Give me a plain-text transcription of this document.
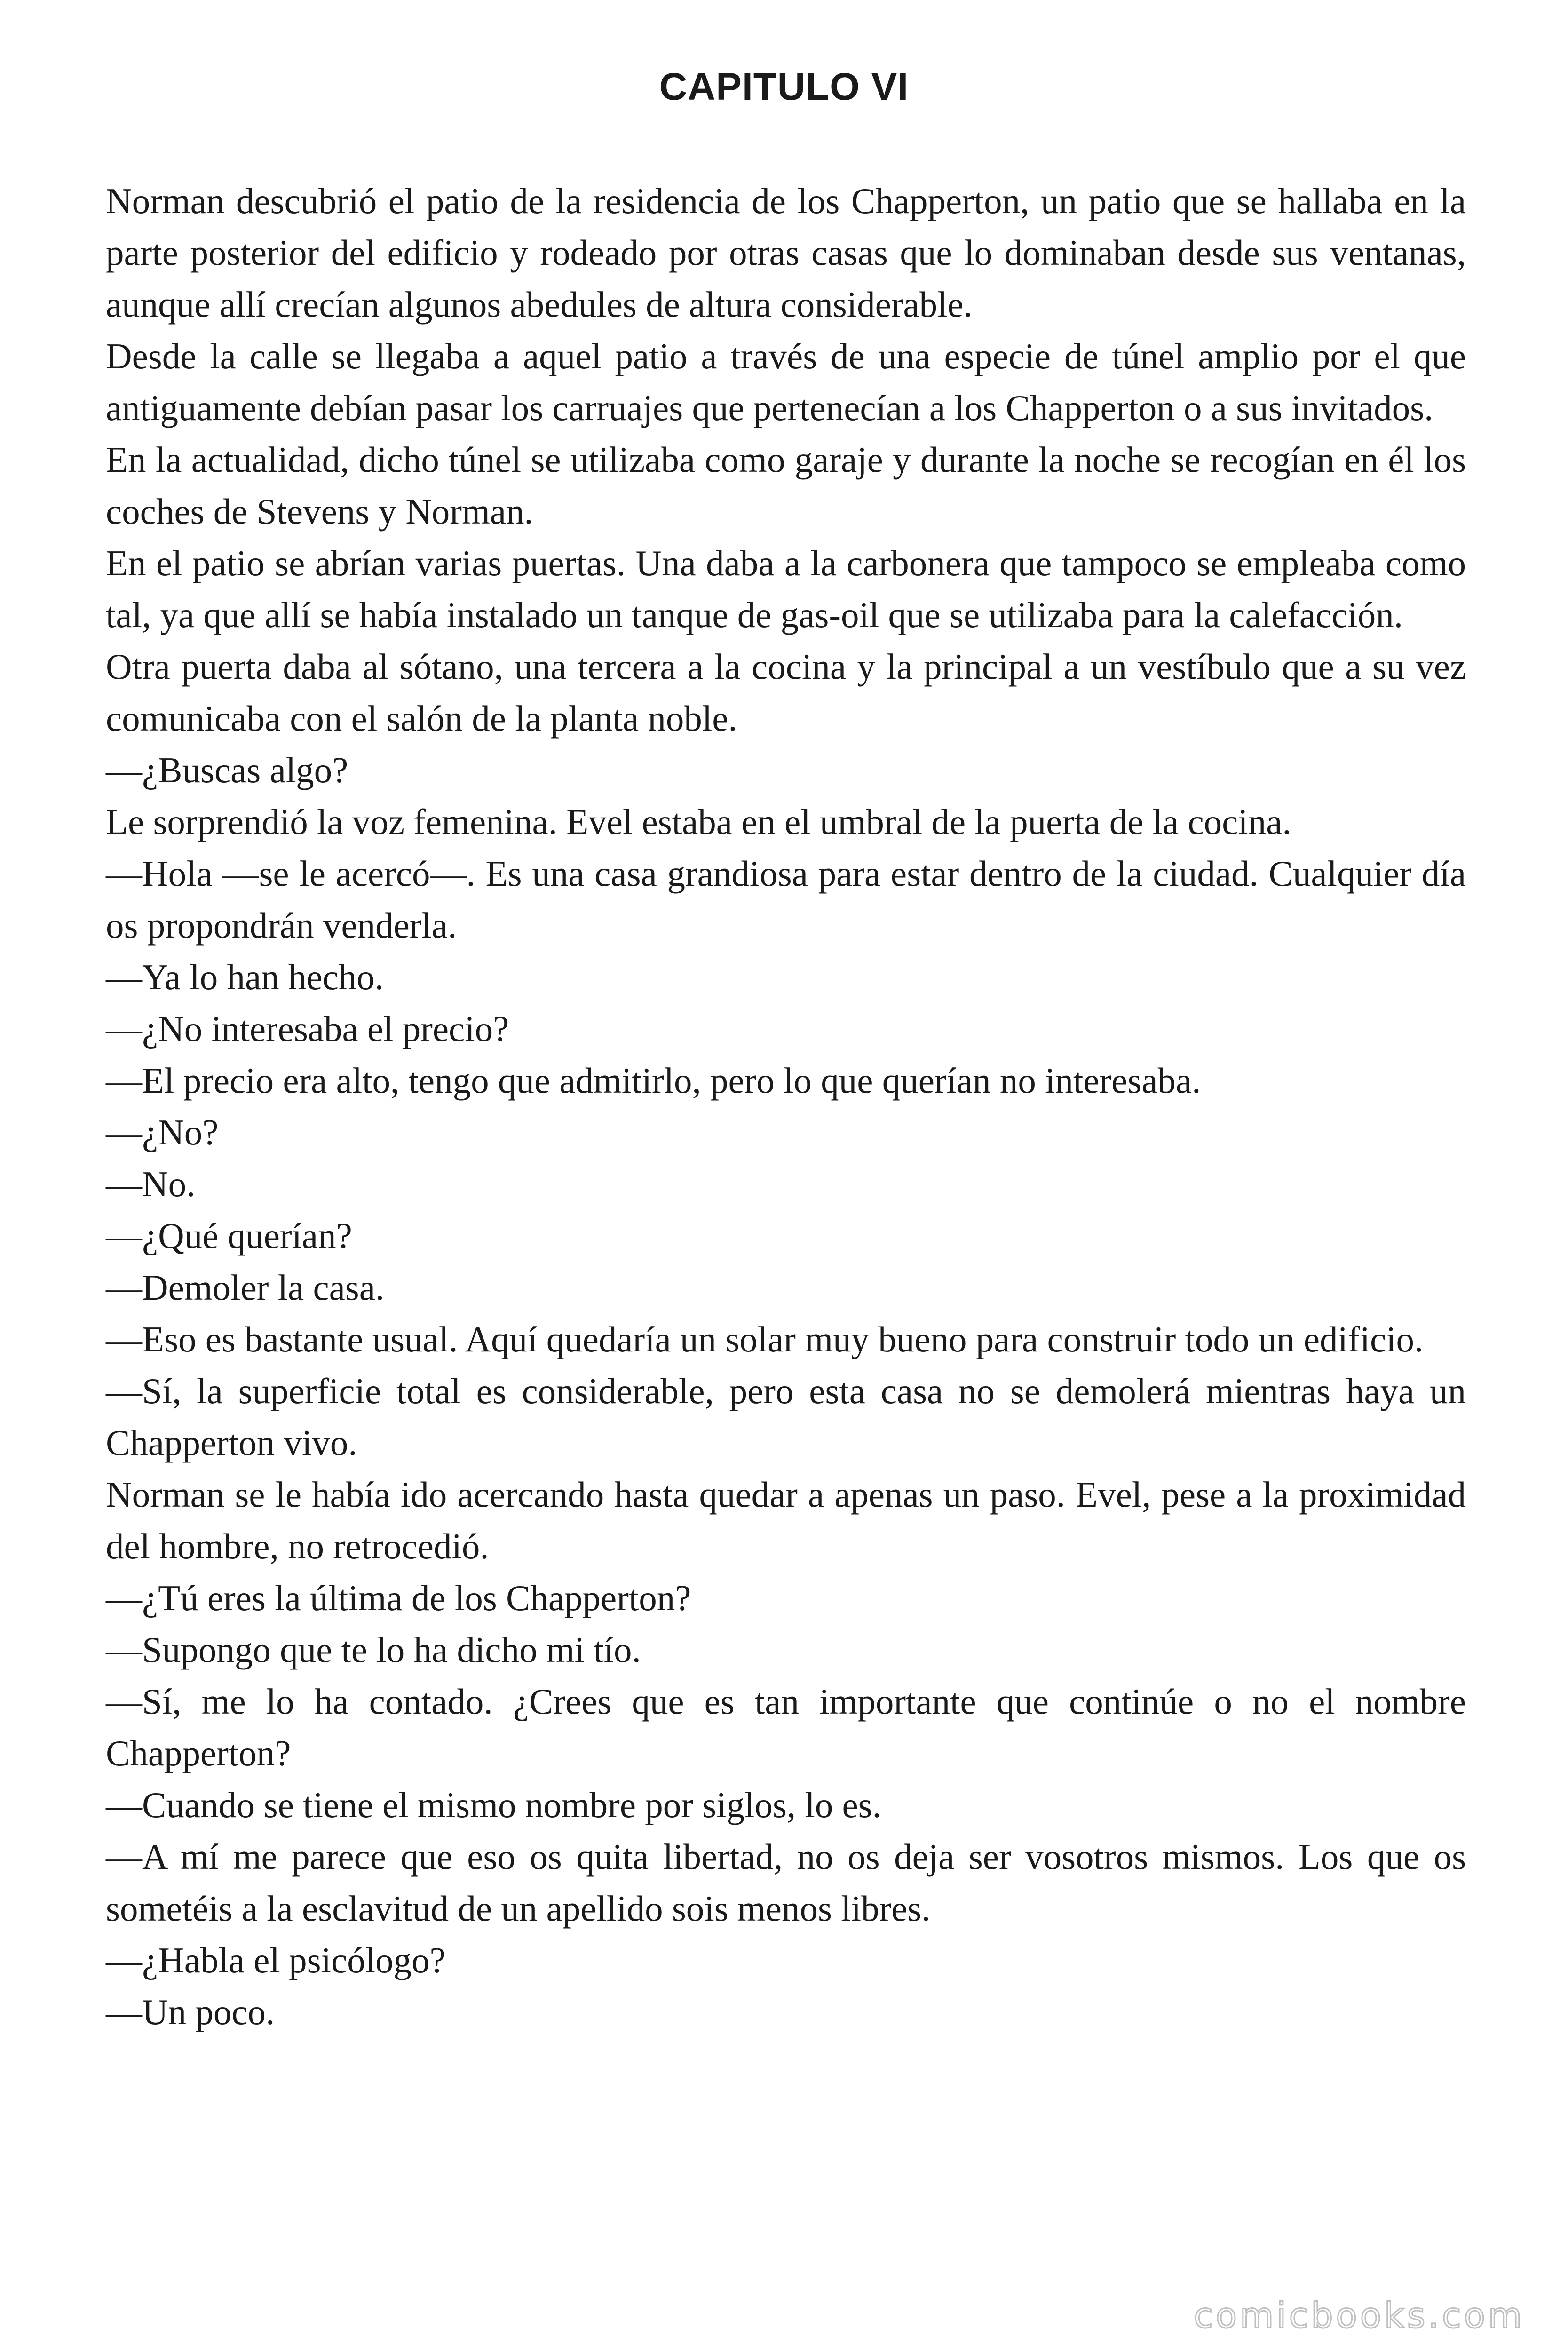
CAPITULO VI

Norman descubrió el patio de la residencia de los Chapperton, un patio que se hallaba en la parte posterior del edificio y rodeado por otras casas que lo dominaban desde sus ventanas, aunque allí crecían algunos abedules de altura considerable.

Desde la calle se llegaba a aquel patio a través de una especie de túnel amplio por el que antiguamente debían pasar los carruajes que pertenecían a los Chapperton o a sus invitados.

En la actualidad, dicho túnel se utilizaba como garaje y durante la noche se recogían en él los coches de Stevens y Norman.

En el patio se abrían varias puertas. Una daba a la carbonera que tampoco se empleaba como tal, ya que allí se había instalado un tanque de gas-oil que se utilizaba para la calefacción.

Otra puerta daba al sótano, una tercera a la cocina y la principal a un vestíbulo que a su vez comunicaba con el salón de la planta noble.

—¿Buscas algo?

Le sorprendió la voz femenina. Evel estaba en el umbral de la puerta de la cocina.

—Hola —se le acercó—. Es una casa grandiosa para estar dentro de la ciudad. Cualquier día os propondrán venderla.

—Ya lo han hecho.

—¿No interesaba el precio?

—El precio era alto, tengo que admitirlo, pero lo que querían no interesaba.

—¿No?

—No.

—¿Qué querían?

—Demoler la casa.

—Eso es bastante usual. Aquí quedaría un solar muy bueno para construir todo un edificio.

—Sí, la superficie total es considerable, pero esta casa no se demolerá mientras haya un Chapperton vivo.

Norman se le había ido acercando hasta quedar a apenas un paso. Evel, pese a la proximidad del hombre, no retrocedió.

—¿Tú eres la última de los Chapperton?

—Supongo que te lo ha dicho mi tío.

—Sí, me lo ha contado. ¿Crees que es tan importante que continúe o no el nombre Chapperton?

—Cuando se tiene el mismo nombre por siglos, lo es.

—A mí me parece que eso os quita libertad, no os deja ser vosotros mismos. Los que os sometéis a la esclavitud de un apellido sois menos libres.

—¿Habla el psicólogo?

—Un poco.

comicbooks.com
